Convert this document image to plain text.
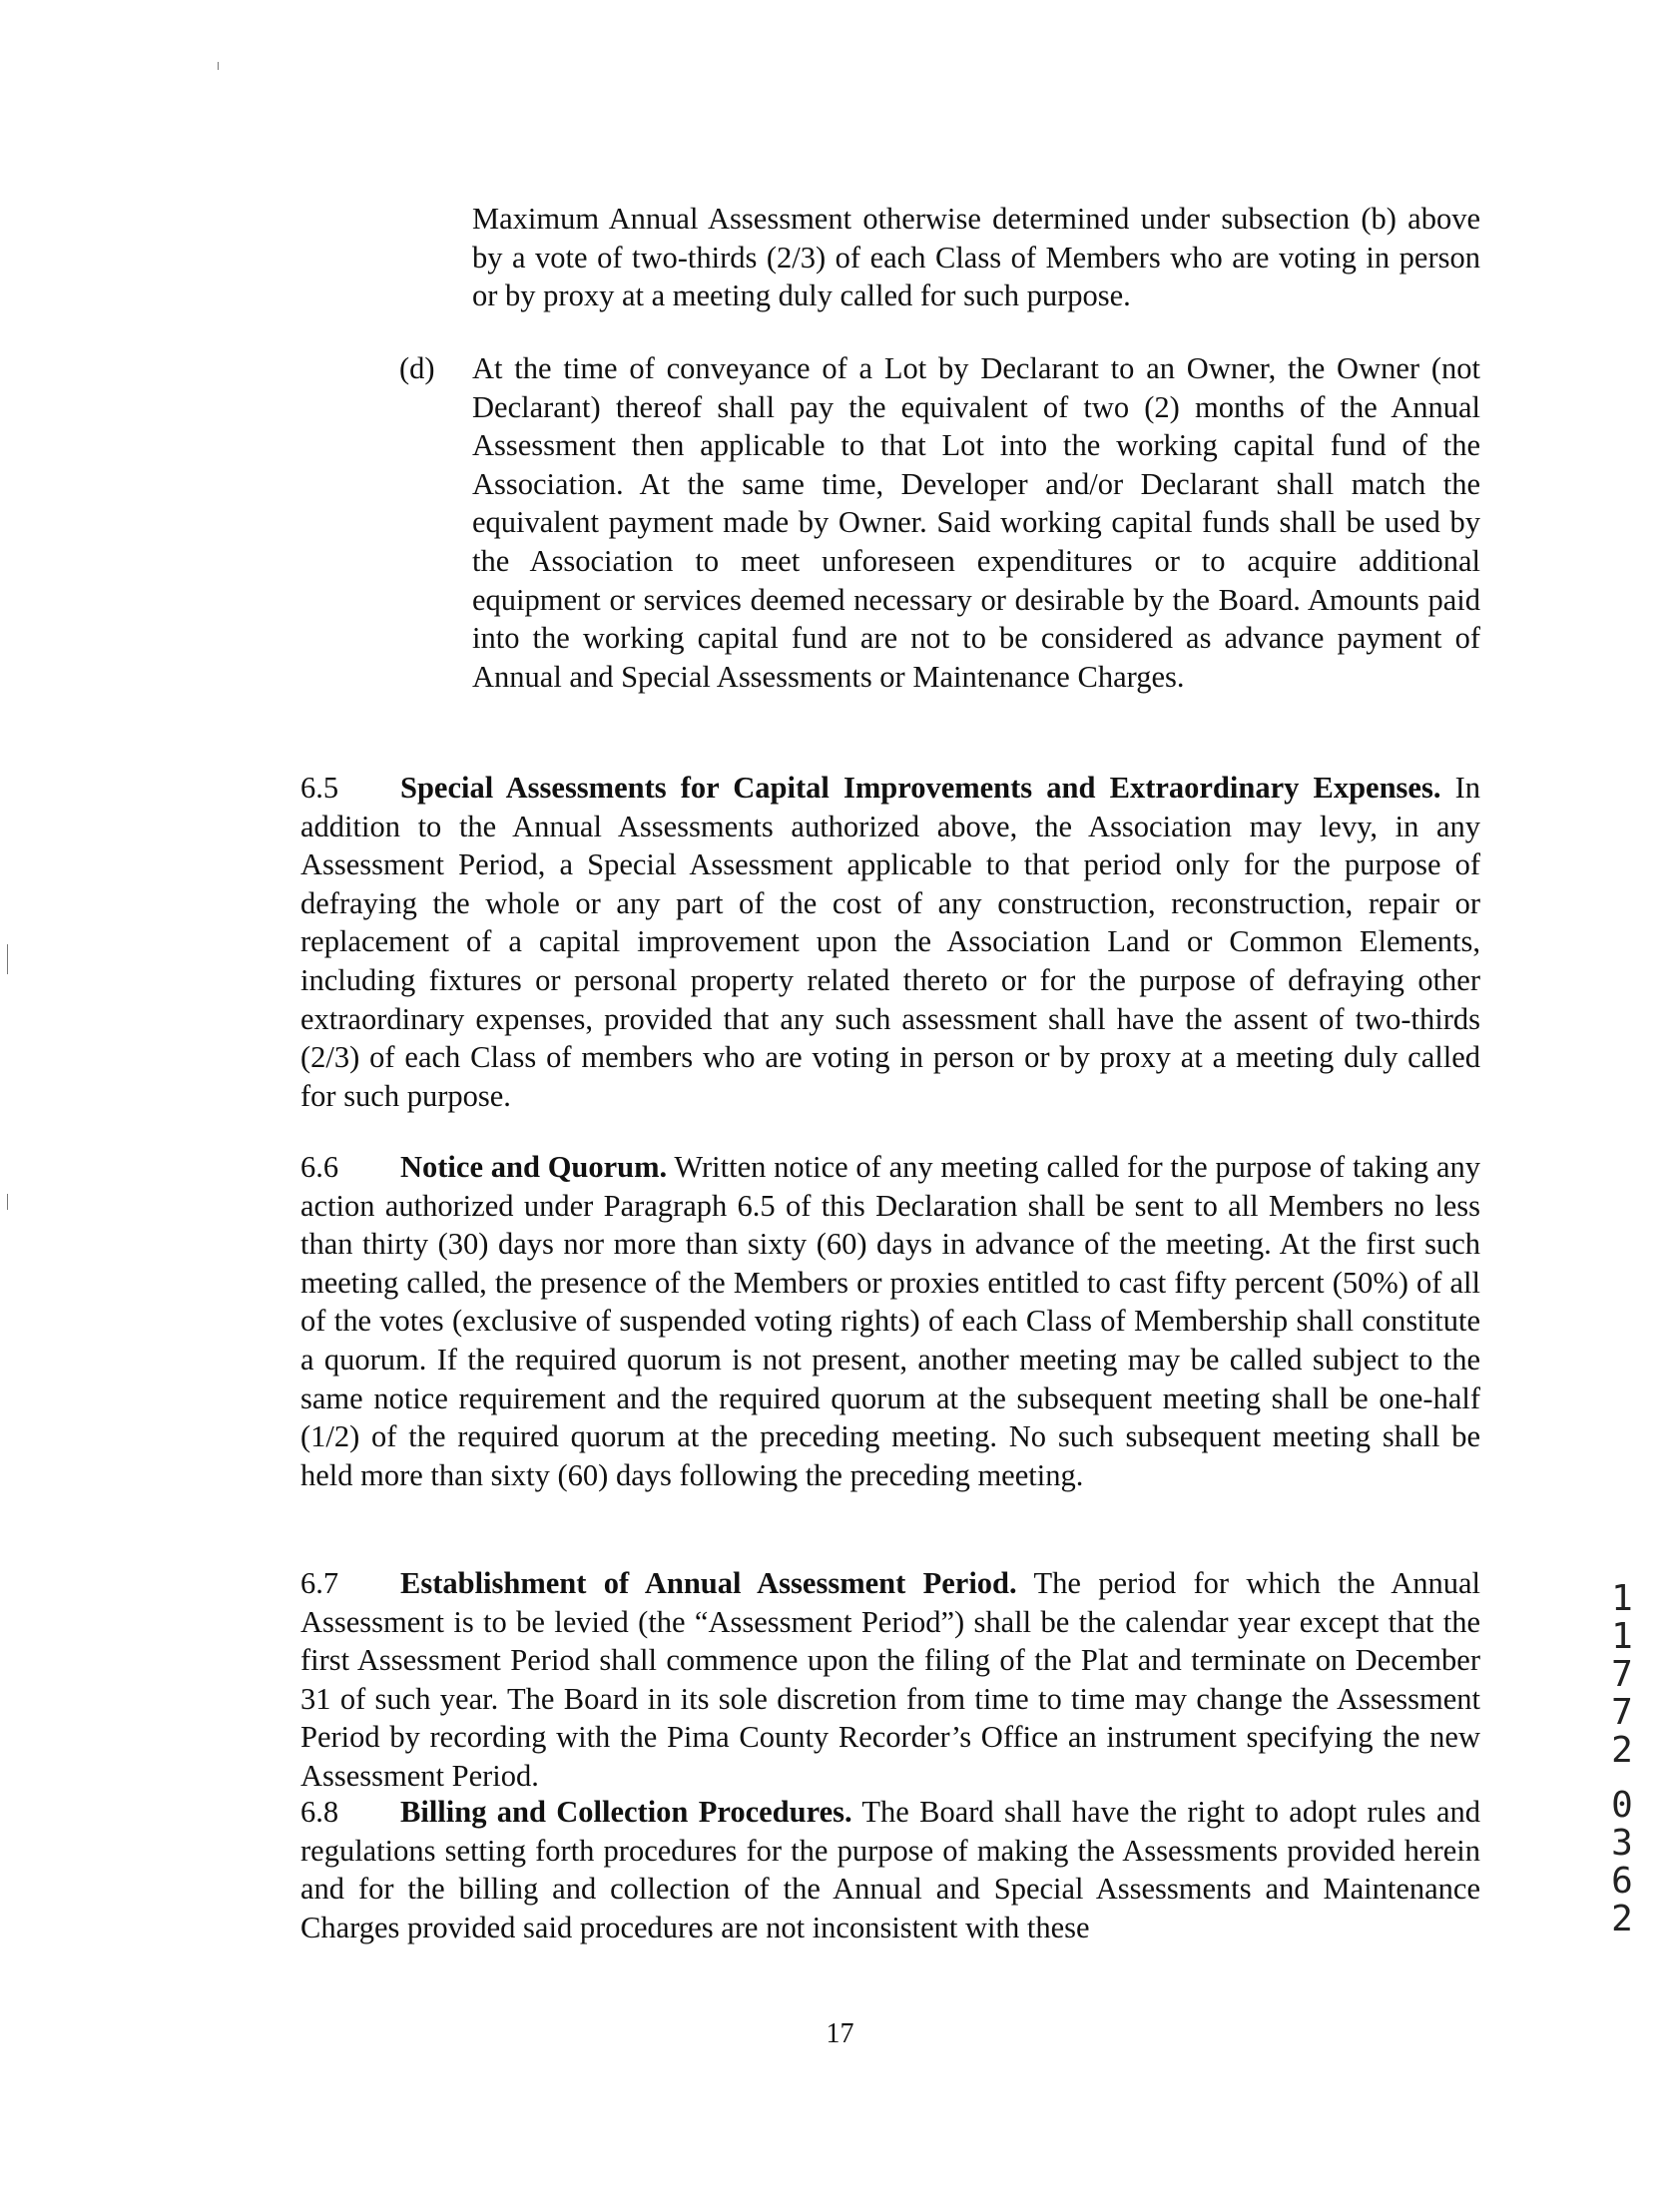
Maximum Annual Assessment otherwise determined under subsection (b) above by a vote of two-thirds (2/3) of each Class of Members who are voting in person or by proxy at a meeting duly called for such purpose.

(d) At the time of conveyance of a Lot by Declarant to an Owner, the Owner (not Declarant) thereof shall pay the equivalent of two (2) months of the Annual Assessment then applicable to that Lot into the working capital fund of the Association. At the same time, Developer and/or Declarant shall match the equivalent payment made by Owner. Said working capital funds shall be used by the Association to meet unforeseen expenditures or to acquire additional equipment or services deemed necessary or desirable by the Board. Amounts paid into the working capital fund are not to be considered as advance payment of Annual and Special Assessments or Maintenance Charges.

6.5 Special Assessments for Capital Improvements and Extraordinary Expenses. In addition to the Annual Assessments authorized above, the Association may levy, in any Assessment Period, a Special Assessment applicable to that period only for the purpose of defraying the whole or any part of the cost of any construction, reconstruction, repair or replacement of a capital improvement upon the Association Land or Common Elements, including fixtures or personal property related thereto or for the purpose of defraying other extraordinary expenses, provided that any such assessment shall have the assent of two-thirds (2/3) of each Class of members who are voting in person or by proxy at a meeting duly called for such purpose.

6.6 Notice and Quorum. Written notice of any meeting called for the purpose of taking any action authorized under Paragraph 6.5 of this Declaration shall be sent to all Members no less than thirty (30) days nor more than sixty (60) days in advance of the meeting. At the first such meeting called, the presence of the Members or proxies entitled to cast fifty percent (50%) of all of the votes (exclusive of suspended voting rights) of each Class of Membership shall constitute a quorum. If the required quorum is not present, another meeting may be called subject to the same notice requirement and the required quorum at the subsequent meeting shall be one-half (1/2) of the required quorum at the preceding meeting. No such subsequent meeting shall be held more than sixty (60) days following the preceding meeting.

6.7 Establishment of Annual Assessment Period. The period for which the Annual Assessment is to be levied (the “Assessment Period”) shall be the calendar year except that the first Assessment Period shall commence upon the filing of the Plat and terminate on December 31 of such year. The Board in its sole discretion from time to time may change the Assessment Period by recording with the Pima County Recorder’s Office an instrument specifying the new Assessment Period.

6.8 Billing and Collection Procedures. The Board shall have the right to adopt rules and regulations setting forth procedures for the purpose of making the Assessments provided herein and for the billing and collection of the Annual and Special Assessments and Maintenance Charges provided said procedures are not inconsistent with these

1
1
7
7
2
0
3
6
2
17
